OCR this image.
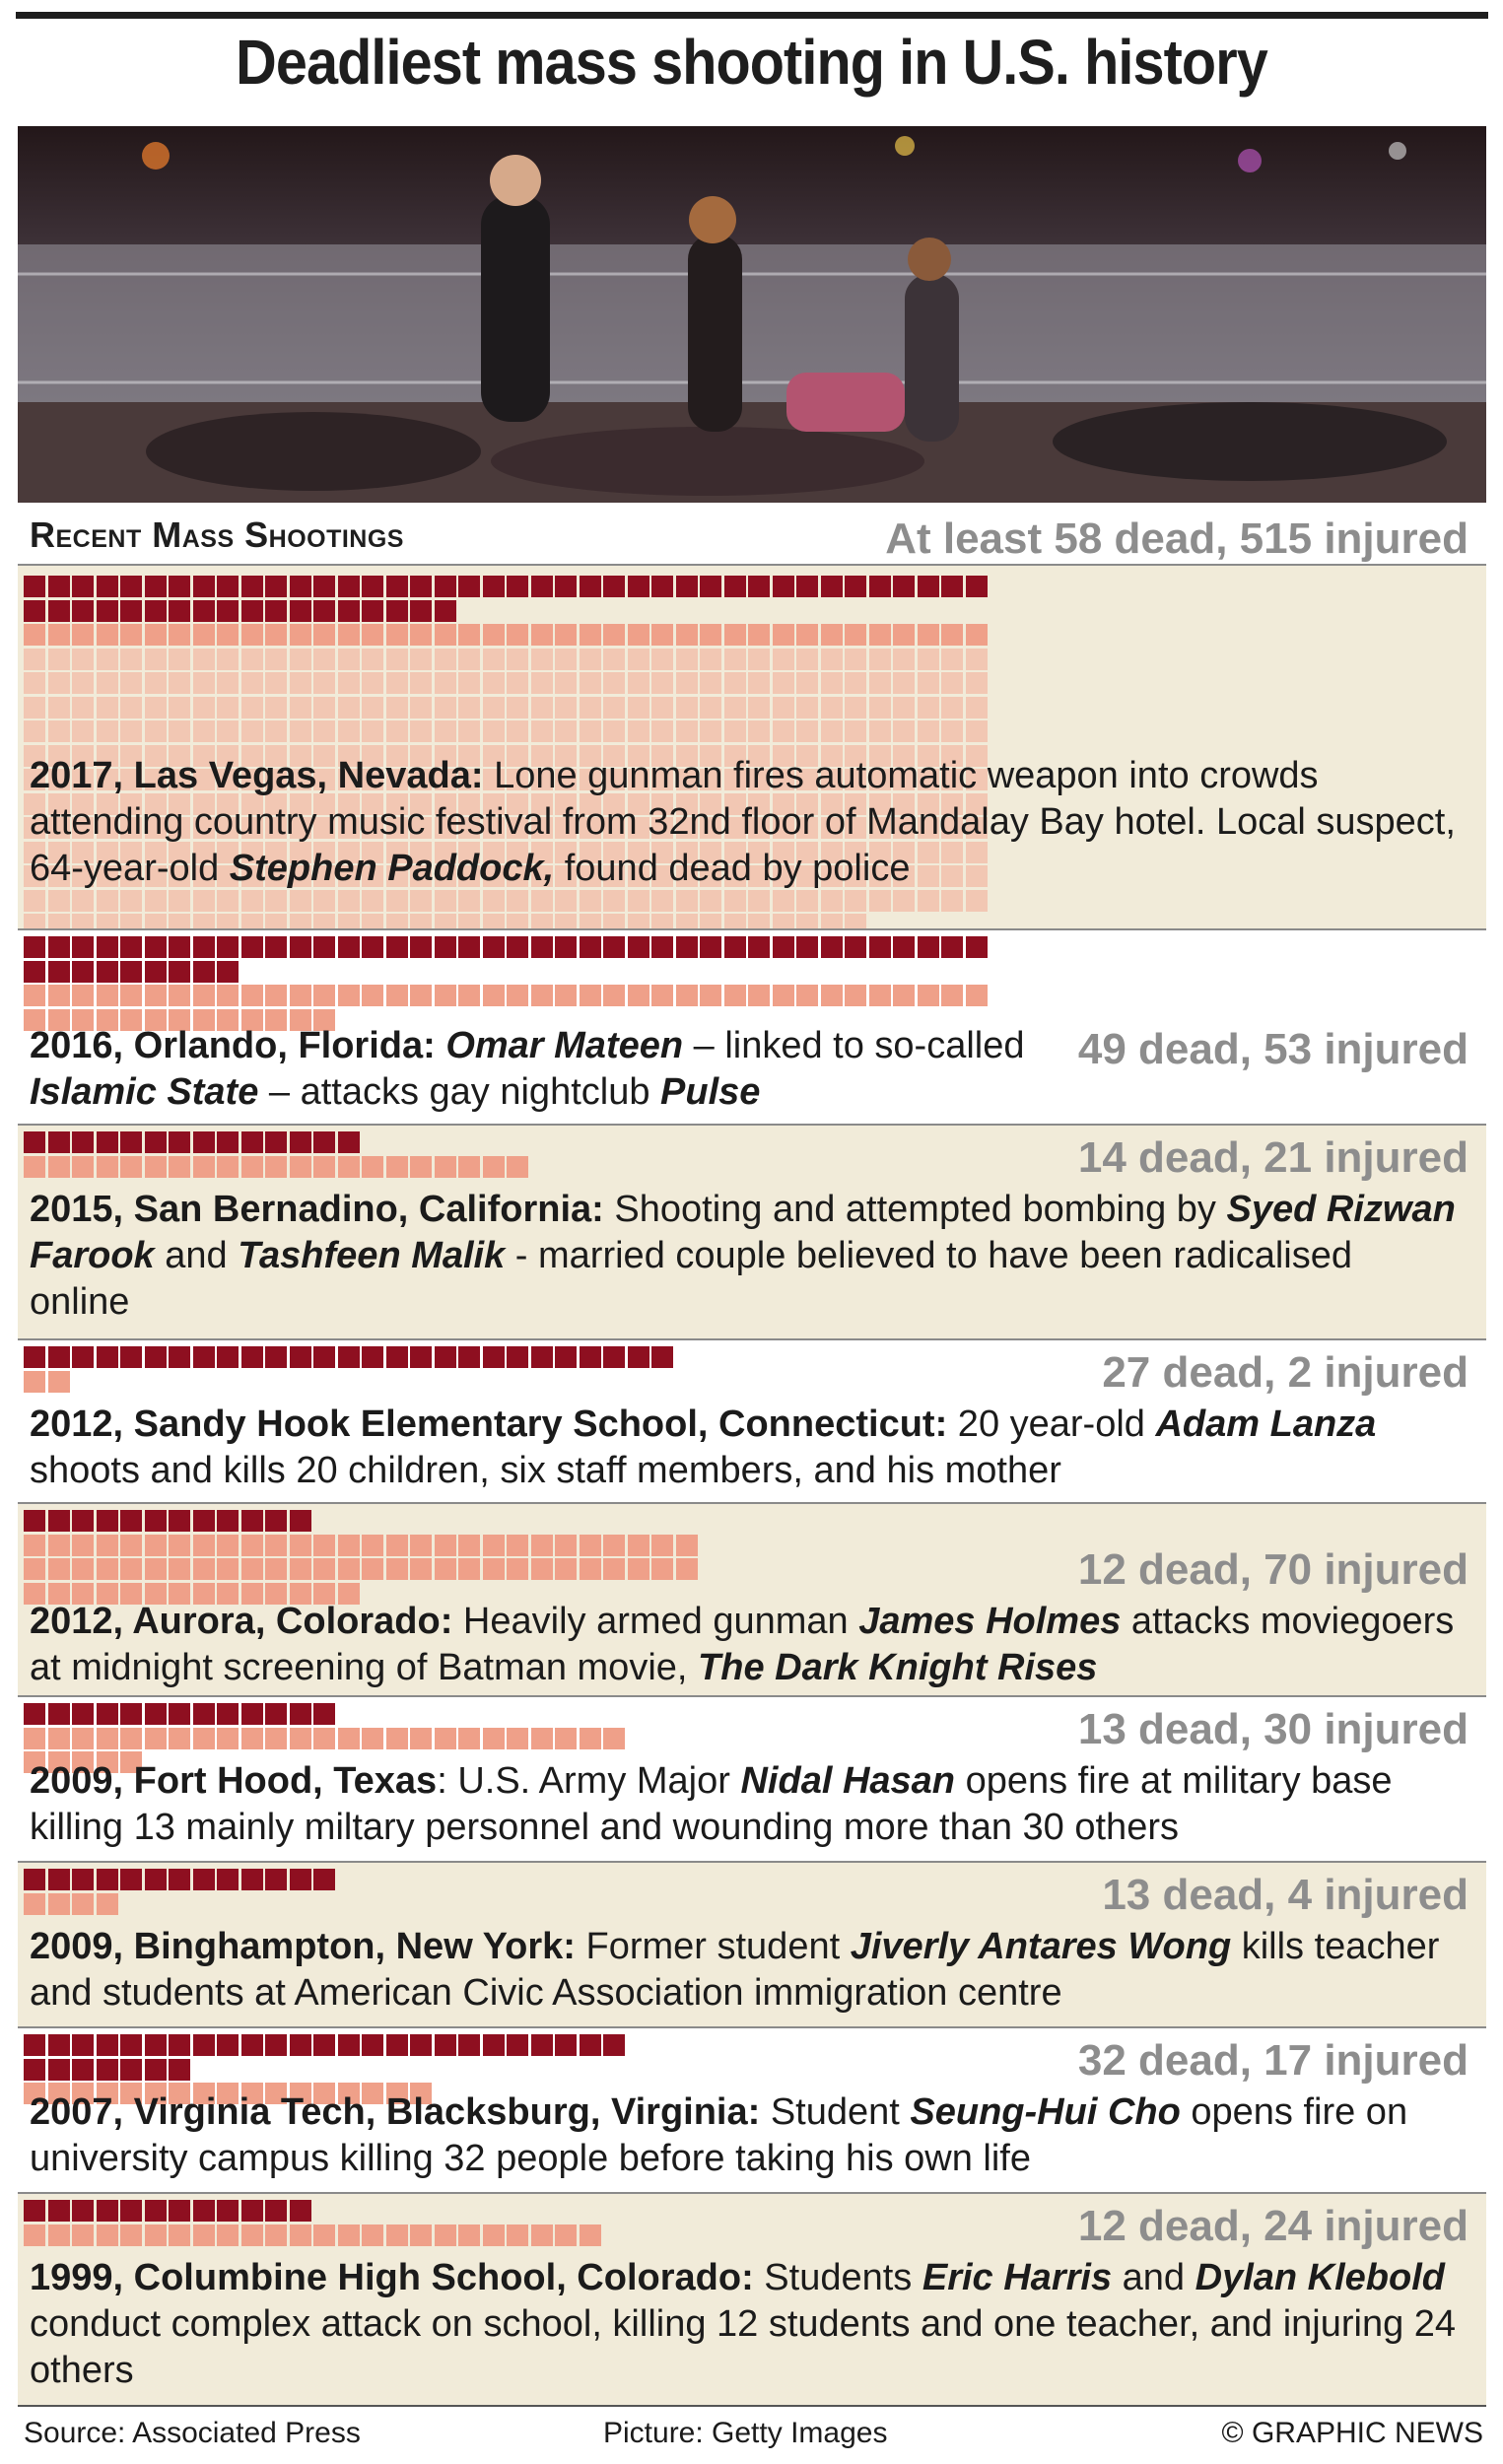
Deadliest mass shooting in U.S. history
Recent Mass Shootings	At least 58 dead, 515 injured
2017, Las Vegas, Nevada: Lone gunman fires automatic weapon into crowds attending country music festival from 32nd floor of Mandalay Bay hotel. Local suspect, 64-year-old Stephen Paddock, found dead by police
49 dead, 53 injured
2016, Orlando, Florida: Omar Mateen – linked to so-called Islamic State – attacks gay nightclub Pulse
14 dead, 21 injured
2015, San Bernadino, California: Shooting and attempted bombing by Syed Rizwan Farook and Tashfeen Malik - married couple believed to have been radicalised online
27 dead, 2 injured
2012, Sandy Hook Elementary School, Connecticut: 20 year-old Adam Lanza shoots and kills 20 children, six staff members, and his mother
12 dead, 70 injured
2012, Aurora, Colorado: Heavily armed gunman James Holmes attacks moviegoers at midnight screening of Batman movie, The Dark Knight Rises
13 dead, 30 injured
2009, Fort Hood, Texas: U.S. Army Major Nidal Hasan opens fire at military base killing 13 mainly miltary personnel and wounding more than 30 others
13 dead, 4 injured
2009, Binghampton, New York: Former student Jiverly Antares Wong kills teacher and students at American Civic Association immigration centre
32 dead, 17 injured
2007, Virginia Tech, Blacksburg, Virginia: Student Seung-Hui Cho opens fire on university campus killing 32 people before taking his own life
12 dead, 24 injured
1999, Columbine High School, Colorado: Students Eric Harris and Dylan Klebold conduct complex attack on school, killing 12 students and one teacher, and injuring 24 others
Source: Associated Press	Picture: Getty Images	© GRAPHIC NEWS
